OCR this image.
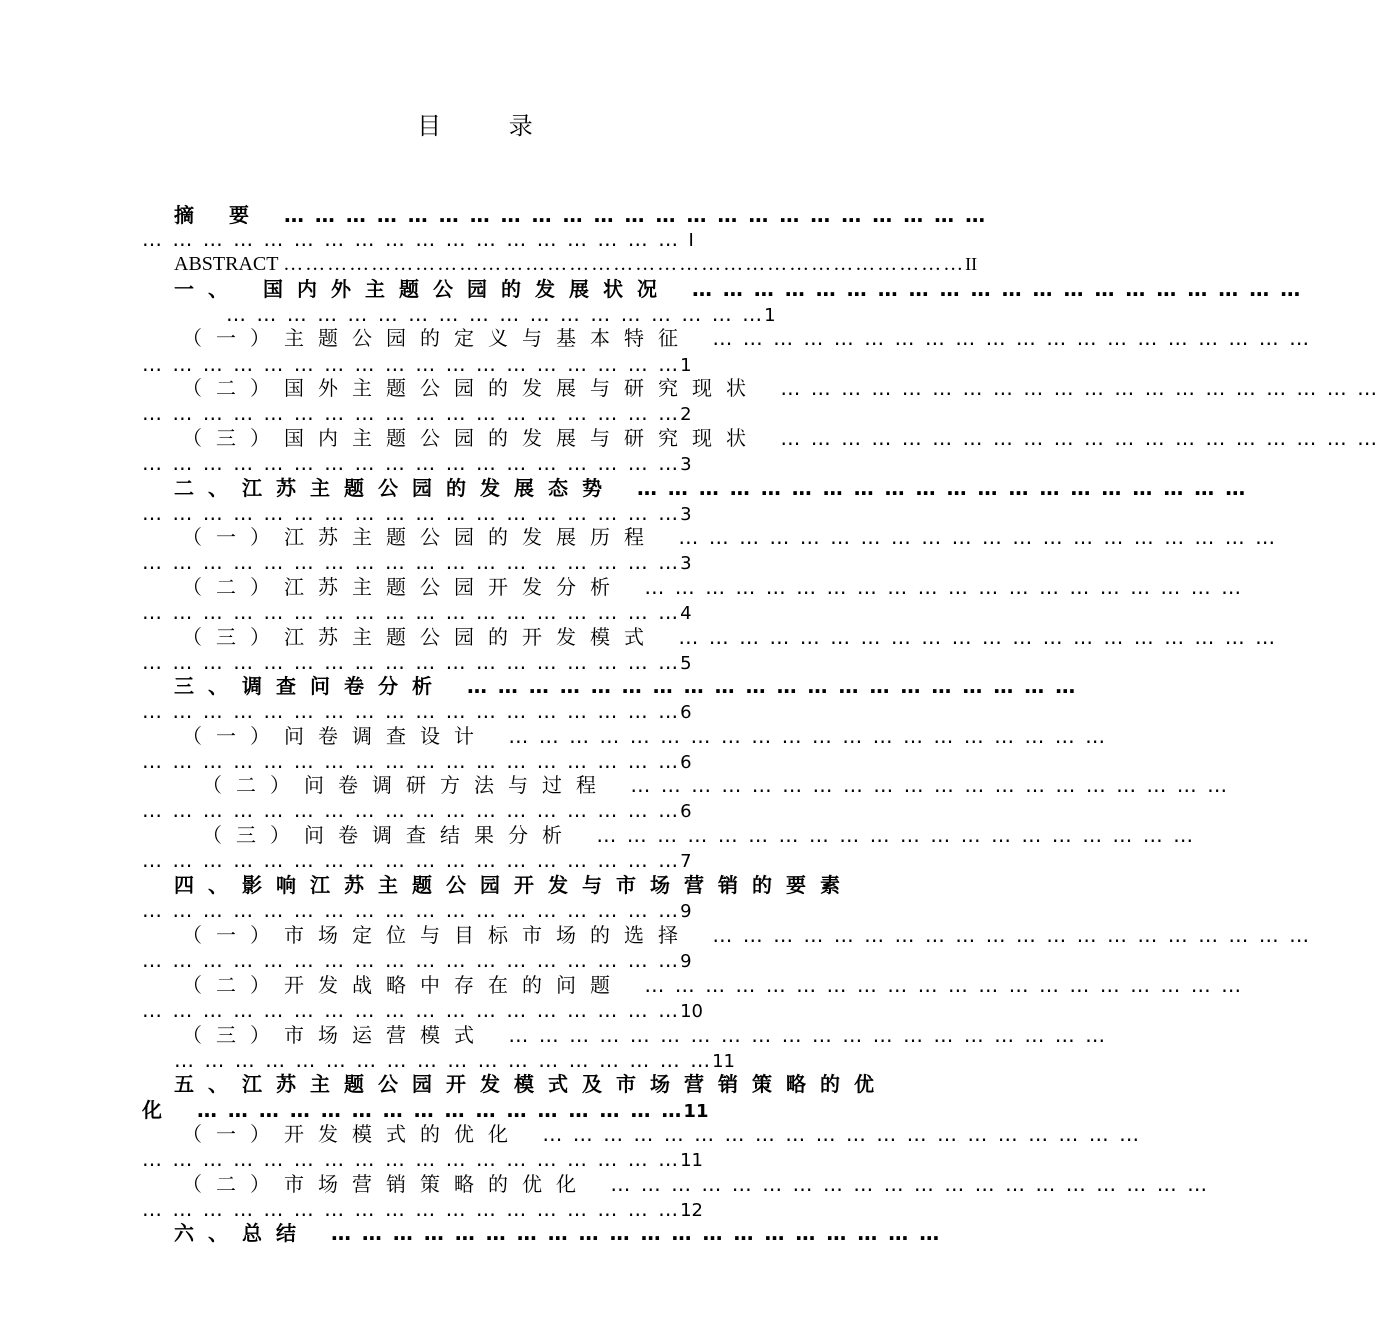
目 录
摘 要 … … … … … … … … … … … … … … … … … … … … … … …
… … … … … … … … … … … … … … … … … … I
ABSTRACT …………………………………………………………………………………II
一、 国内外主题公园的发展状况 … … … … … … … … … … … … … … … … … … … …
… … … … … … … … … … … … … … … … … …1
（一）主题公园的定义与基本特征 … … … … … … … … … … … … … … … … … … … …
… … … … … … … … … … … … … … … … … …1
（二）国外主题公园的发展与研究现状 … … … … … … … … … … … … … … … … … … … …
… … … … … … … … … … … … … … … … … …2
（三）国内主题公园的发展与研究现状 … … … … … … … … … … … … … … … … … … … …
… … … … … … … … … … … … … … … … … …3
二、江苏主题公园的发展态势 … … … … … … … … … … … … … … … … … … … …
… … … … … … … … … … … … … … … … … …3
（一）江苏主题公园的发展历程 … … … … … … … … … … … … … … … … … … … …
… … … … … … … … … … … … … … … … … …3
（二）江苏主题公园开发分析 … … … … … … … … … … … … … … … … … … … …
… … … … … … … … … … … … … … … … … …4
（三）江苏主题公园的开发模式 … … … … … … … … … … … … … … … … … … … …
… … … … … … … … … … … … … … … … … …5
三、调查问卷分析 … … … … … … … … … … … … … … … … … … … …
… … … … … … … … … … … … … … … … … …6
（一）问卷调查设计 … … … … … … … … … … … … … … … … … … … …
… … … … … … … … … … … … … … … … … …6
（二）问卷调研方法与过程 … … … … … … … … … … … … … … … … … … … …
… … … … … … … … … … … … … … … … … …6
（三）问卷调查结果分析 … … … … … … … … … … … … … … … … … … … …
… … … … … … … … … … … … … … … … … …7
四、影响江苏主题公园开发与市场营销的要素
… … … … … … … … … … … … … … … … … …9
（一）市场定位与目标市场的选择 … … … … … … … … … … … … … … … … … … … …
… … … … … … … … … … … … … … … … … …9
（二）开发战略中存在的问题 … … … … … … … … … … … … … … … … … … … …
… … … … … … … … … … … … … … … … … …10
（三）市场运营模式 … … … … … … … … … … … … … … … … … … … …
… … … … … … … … … … … … … … … … … …11
五、江苏主题公园开发模式及市场营销策略的优
化 … … … … … … … … … … … … … … … …11
（一）开发模式的优化 … … … … … … … … … … … … … … … … … … … …
… … … … … … … … … … … … … … … … … …11
（二）市场营销策略的优化 … … … … … … … … … … … … … … … … … … … …
… … … … … … … … … … … … … … … … … …12
六、总结 … … … … … … … … … … … … … … … … … … … …
